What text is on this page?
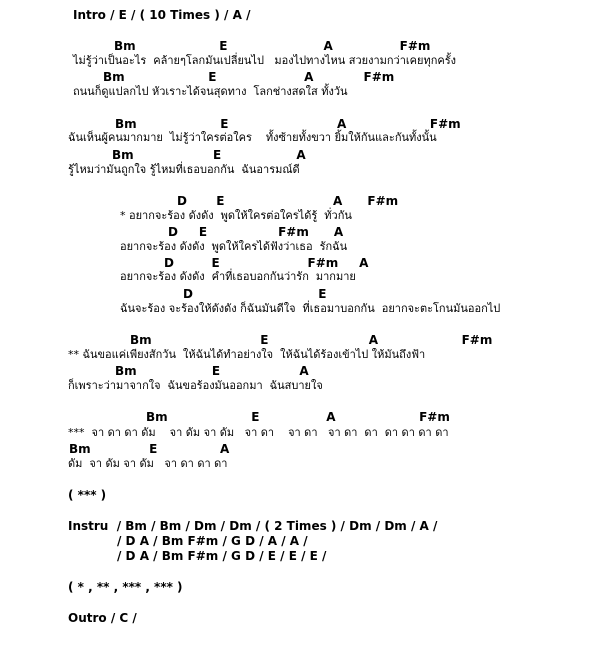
Intro / E / ( 10 Times ) / A /
Bm                    E                       A                F#m
ไม่รู้ว่าเป็นอะไร  คล้ายๆโลกมันเปลี่ยนไป   มองไปทางไหน สวยงามกว่าเคยทุกครั้ง
Bm                    E                     A            F#m
ถนนก็ดูแปลกไป หัวเราะได้จนสุดทาง  โลกช่างสดใส ทั้งวัน
Bm                    E                          A                    F#m
ฉันเห็นผู้คนมากมาย  ไม่รู้ว่าใครต่อใคร    ทั้งซ้ายทั้งขวา ยิ้มให้กันและกันทั้งนั้น
Bm                   E                  A
รู้ไหมว่ามันถูกใจ รู้ไหมที่เธอบอกกัน  ฉันอารมณ์ดี
D       E                          A      F#m
* อยากจะร้อง ดังดัง  พูดให้ใครต่อใครได้รู้  ทั่วกัน
D     E                 F#m      A
อยากจะร้อง ดังดัง  พูดให้ใครได้ฟังว่าเธอ  รักฉัน
D         E                     F#m     A
อยากจะร้อง ดังดัง  คำที่เธอบอกกันว่ารัก  มากมาย
D                              E
ฉันจะร้อง จะร้องให้ดังดัง ก็ฉันมันดีใจ  ที่เธอมาบอกกัน  อยากจะตะโกนมันออกไป
Bm                          E                        A                    F#m
** ฉันขอแค่เพียงสักวัน  ให้ฉันได้ทำอย่างใจ  ให้ฉันได้ร้องเข้าไป ให้มันถึงฟ้า
Bm                  E                   A
ก็เพราะว่ามาจากใจ  ฉันขอร้องมันออกมา  ฉันสบายใจ
Bm                    E                A                    F#m
***  จา ดา ดา ดัม    จา ดัม จา ดัม   จา ดา    จา ดา   จา ดา  ดา  ดา ดา ดา ดา
Bm              E               A
ดัม  จา ดัม จา ดัม   จา ดา ดา ดา
( *** )
Instru  / Bm / Bm / Dm / Dm / ( 2 Times ) / Dm / Dm / A /
/ D A / Bm F#m / G D / A / A /
/ D A / Bm F#m / G D / E / E / E /
( * , ** , *** , *** )
Outro / C /
